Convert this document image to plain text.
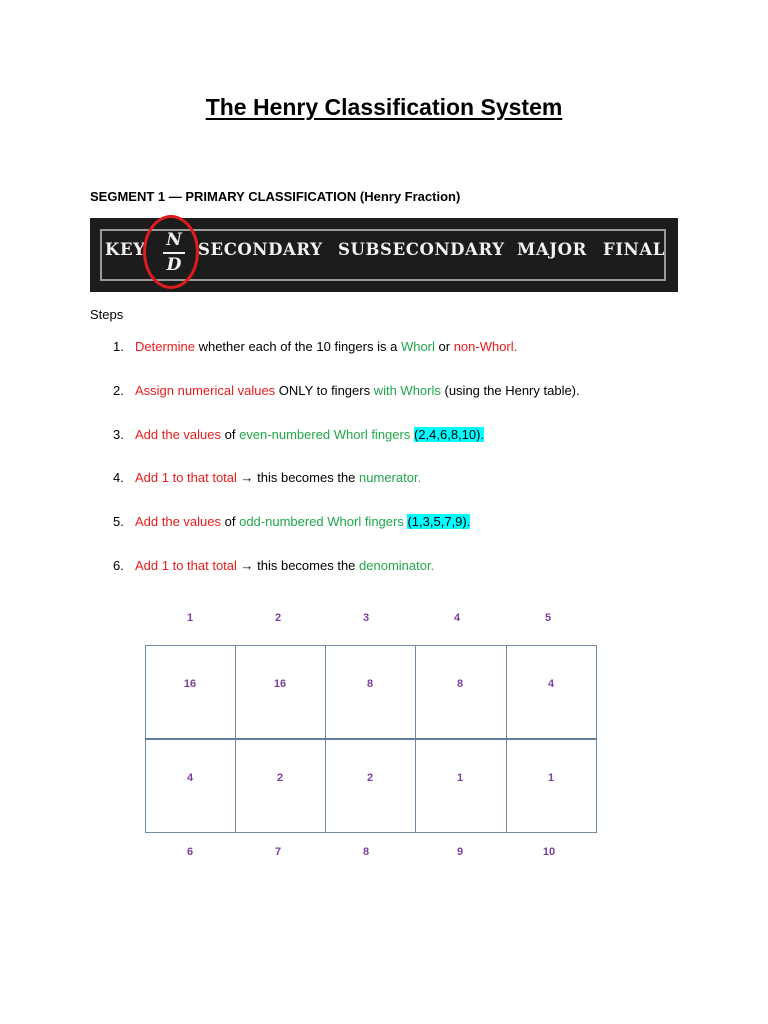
The Henry Classification System
SEGMENT 1 — PRIMARY CLASSIFICATION (Henry Fraction)
KEY	SECONDARY SUBSECONDARY MAJOR FINAL
N
D
Steps
1. Determine whether each of the 10 fingers is a Whorl or non-Whorl.
2. Assign numerical values ONLY to fingers with Whorls (using the Henry table).
3. Add the values of even-numbered Whorl fingers (2,4,6,8,10).
4. Add 1 to that total → this becomes the numerator.
5. Add the values of odd-numbered Whorl fingers (1,3,5,7,9).
6. Add 1 to that total → this becomes the denominator.
1	2	3	4	5
16	16	8	8	4
4	2	2	1	1
6	7	8	9	10
